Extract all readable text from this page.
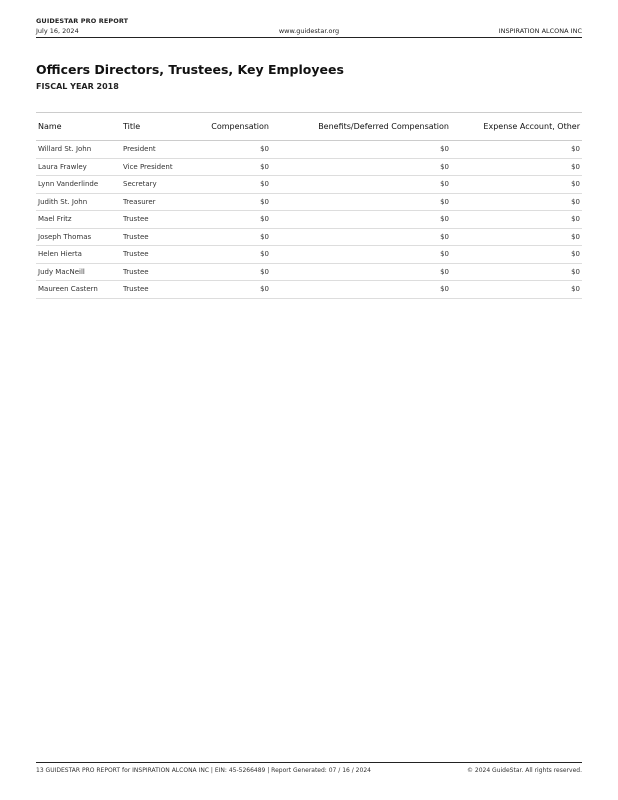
GUIDESTAR PRO REPORT
July 16, 2024	www.guidestar.org	INSPIRATION ALCONA INC
Officers Directors, Trustees, Key Employees
FISCAL YEAR 2018
Name	Title	Compensation	Benefits/Deferred Compensation	Expense Account, Other
Willard St. John	President	$0	$0	$0
Laura Frawley	Vice President	$0	$0	$0
Lynn Vanderlinde	Secretary	$0	$0	$0
Judith St. John	Treasurer	$0	$0	$0
Mael Fritz	Trustee	$0	$0	$0
Joseph Thomas	Trustee	$0	$0	$0
Helen Hierta	Trustee	$0	$0	$0
Judy MacNeill	Trustee	$0	$0	$0
Maureen Castern	Trustee	$0	$0	$0
13 GUIDESTAR PRO REPORT for INSPIRATION ALCONA INC | EIN: 45-5266489 | Report Generated: 07 / 16 / 2024	© 2024 GuideStar. All rights reserved.
